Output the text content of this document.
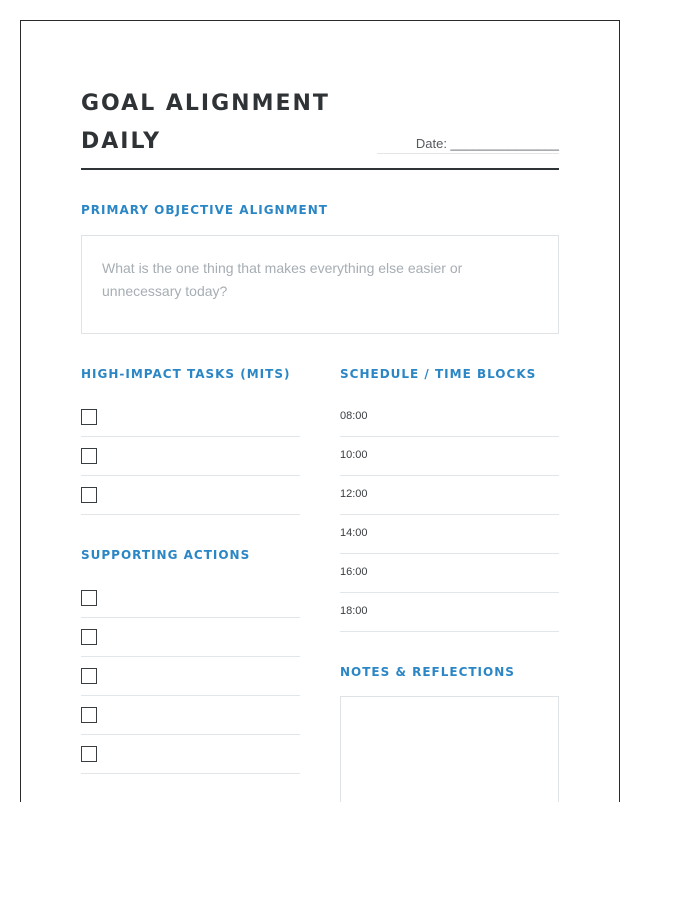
GOAL ALIGNMENT
DAILY	Date: _______________
PRIMARY OBJECTIVE ALIGNMENT
What is the one thing that makes everything else easier or unnecessary today?
HIGH-IMPACT TASKS (MITS)
SUPPORTING ACTIONS
SCHEDULE / TIME BLOCKS
08:00
10:00
12:00
14:00
16:00
18:00
NOTES & REFLECTIONS
